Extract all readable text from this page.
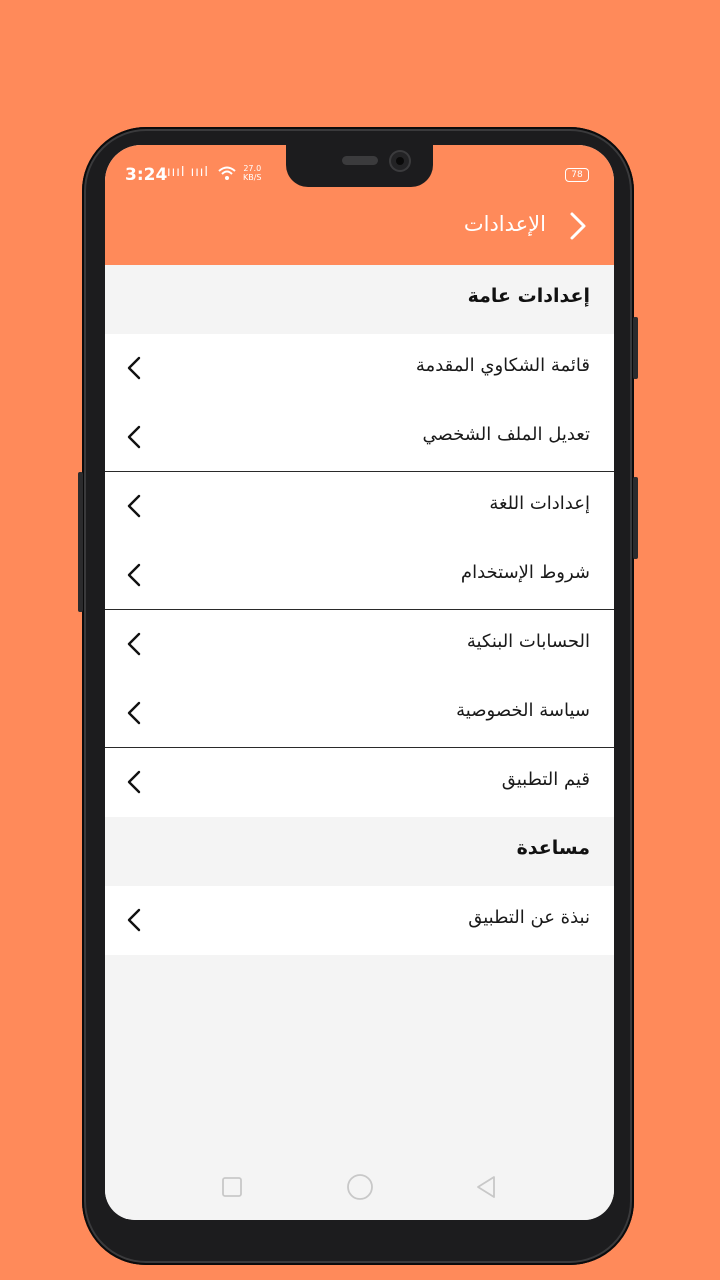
3:24 ıııl ıııl	27.0
KB/S	78
الإعدادات
إعدادات عامة
قائمة الشكاوي المقدمة
تعديل الملف الشخصي
إعدادات اللغة
شروط الإستخدام
الحسابات البنكية
سياسة الخصوصية
قيم التطبيق
مساعدة
نبذة عن التطبيق
